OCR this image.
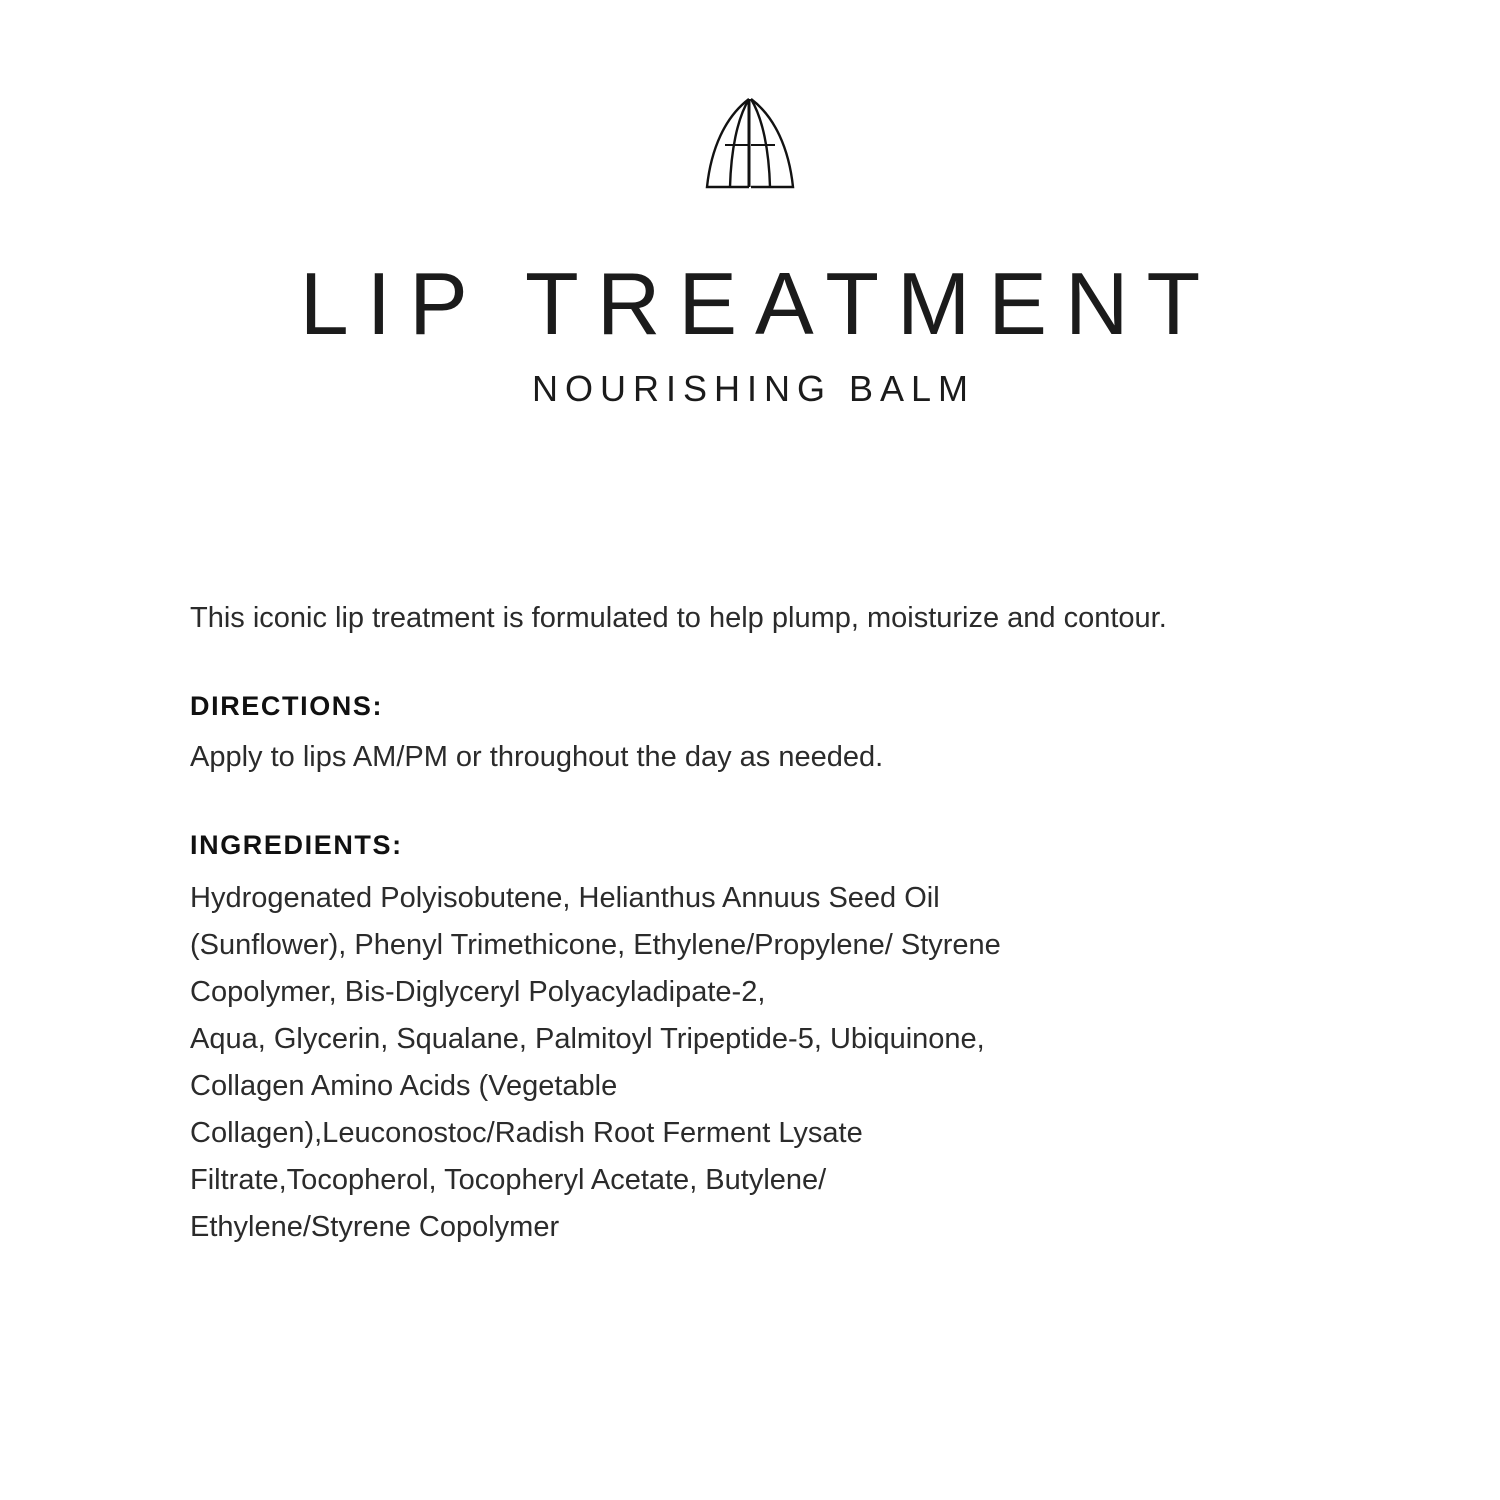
LIP TREATMENT
NOURISHING BALM

This iconic lip treatment is formulated to help plump, moisturize and contour.

DIRECTIONS:

Apply to lips AM/PM or throughout the day as needed.

INGREDIENTS:
Hydrogenated Polyisobutene, Helianthus Annuus Seed Oil
(Sunflower), Phenyl Trimethicone, Ethylene/Propylene/ Styrene
Copolymer, Bis-Diglyceryl Polyacyladipate-2,
Aqua, Glycerin, Squalane, Palmitoyl Tripeptide-5, Ubiquinone,
Collagen Amino Acids (Vegetable
Collagen),Leuconostoc/Radish Root Ferment Lysate
Filtrate,Tocopherol, Tocopheryl Acetate, Butylene/
Ethylene/Styrene Copolymer
